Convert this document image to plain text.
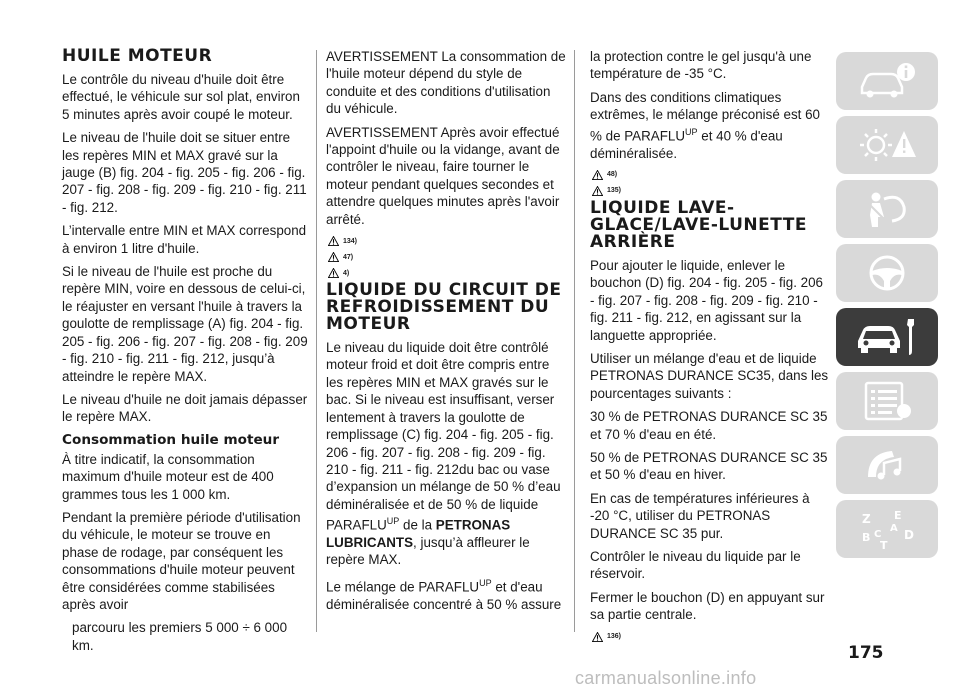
HUILE MOTEUR

Le contrôle du niveau d'huile doit être effectué, le véhicule sur sol plat, environ 5 minutes après avoir coupé le moteur.

Le niveau de l'huile doit se situer entre les repères MIN et MAX gravé sur la jauge (B) fig. 204 - fig. 205 - fig. 206 - fig. 207 - fig. 208 - fig. 209 - fig. 210 - fig. 211 - fig. 212.

L’intervalle entre MIN et MAX correspond à environ 1 litre d'huile.

Si le niveau de l'huile est proche du repère MIN, voire en dessous de celui-ci, le réajuster en versant l'huile à travers la goulotte de remplissage (A) fig. 204 - fig. 205 - fig. 206 - fig. 207 - fig. 208 - fig. 209 - fig. 210 - fig. 211 - fig. 212, jusqu’à atteindre le repère MAX.

Le niveau d'huile ne doit jamais dépasser le repère MAX.

Consommation huile moteur

À titre indicatif, la consommation maximum d'huile moteur est de 400 grammes tous les 1 000 km.

Pendant la première période d'utilisation du véhicule, le moteur se trouve en phase de rodage, par conséquent les consommations d'huile moteur peuvent être considérées comme stabilisées après avoir

parcouru les premiers 5 000 ÷ 6 000 km.

AVERTISSEMENT La consommation de l'huile moteur dépend du style de conduite et des conditions d'utilisation du véhicule.

AVERTISSEMENT Après avoir effectué l'appoint d'huile ou la vidange, avant de contrôler le niveau, faire tourner le moteur pendant quelques secondes et attendre quelques minutes après l'avoir arrêté.

134)
47)
4)
LIQUIDE DU CIRCUIT DE REFROIDISSEMENT DU MOTEUR

Le niveau du liquide doit être contrôlé moteur froid et doit être compris entre les repères MIN et MAX gravés sur le bac. Si le niveau est insuffisant, verser lentement à travers la goulotte de remplissage (C) fig. 204 - fig. 205 - fig. 206 - fig. 207 - fig. 208 - fig. 209 - fig. 210 - fig. 211 - fig. 212du bac ou vase d’expansion un mélange de 50 % d’eau déminéralisée et de 50 % de liquide $PARAFLU^{UP}$ de la PETRONAS LUBRICANTS, jusqu’à affleurer le repère MAX.

Le mélange de $PARAFLU^{UP}$ et d'eau déminéralisée concentré à 50 % assure

la protection contre le gel jusqu'à une température de -35 °C.

Dans des conditions climatiques extrêmes, le mélange préconisé est 60 % de $PARAFLU^{UP}$ et 40 % d'eau déminéralisée.

48)
135)
LIQUIDE LAVE-GLACE/LAVE-LUNETTE ARRIÈRE

Pour ajouter le liquide, enlever le bouchon (D) fig. 204 - fig. 205 - fig. 206 - fig. 207 - fig. 208 - fig. 209 - fig. 210 - fig. 211 - fig. 212, en agissant sur la languette appropriée.

Utiliser un mélange d'eau et de liquide PETRONAS DURANCE SC35, dans les pourcentages suivants :

30 % de PETRONAS DURANCE SC 35 et 70 % d'eau en été.

50 % de PETRONAS DURANCE SC 35 et 50 % d'eau en hiver.

En cas de températures inférieures à -20 °C, utiliser du PETRONAS DURANCE SC 35 pur.

Contrôler le niveau du liquide par le réservoir.

Fermer le bouchon (D) en appuyant sur sa partie centrale.

136)
Z E
B C
T
D
A
175
carmanualsonline.info
